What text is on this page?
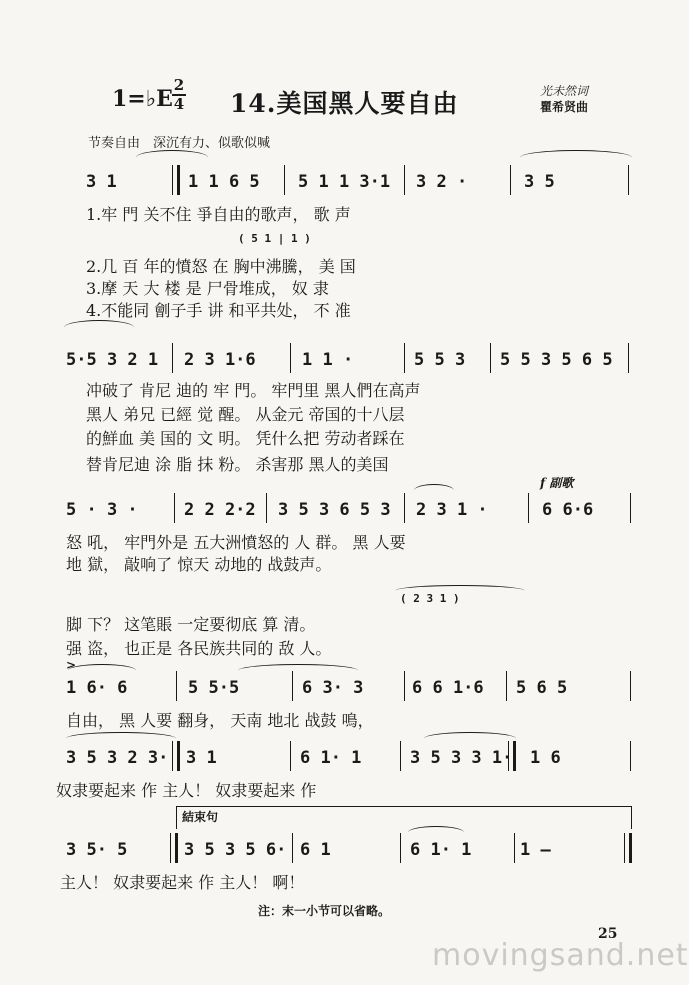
1=♭E
2
4 14.美国黑人要自由	光未然词
瞿希贤曲
节奏自由　深沉有力、似歌似喊
3 1	1 1 6 5 5 1 1 3·1 3 2 ·	3 5
1.牢 門 关不住 爭自由的歌声， 歌 声
( 5 1 | 1 )
2.几 百 年的憤怒 在 胸中沸騰， 美 国
3.摩 天 大 楼 是 尸骨堆成， 奴 隶
4.不能同 劊子手 讲 和平共处， 不 准
5·5 3 2 1 2 3 1·6	1 1 ·	5 5 3 5 5 3 5 6 5
冲破了 肯尼 迪的 牢 門。 牢門里 黑人們在高声
黑人 弟兄 已經 觉 醒。 从金元 帝国的十八层
的鮮血 美 国的 文 明。 凭什么把 劳动者踩在
替肯尼迪 涂 脂 抹 粉。 杀害那 黑人的美国
5 · 3 ·	2 2 2·2 3 5 3 6 5 3 2 3 1 ·
f 副歌
6 6·6
怒 吼， 牢門外是 五大洲憤怒的 人 群。 黑 人要
地 獄， 敲响了 惊天 动地的 战鼓声。
( 2 3 1 )
脚 下？ 这笔賬 一定要彻底 算 清。
强 盗， 也正是 各民族共同的 敌 人。
>
1 6· 6	5 5·5	6 3· 3	6 6 1·6 5 6 5
自由， 黑 人要 翻身， 天南 地北 战鼓 鳴，
3 5 3 2 3· 3 1	6 1· 1	3 5 3 3 1· 1 6
奴隶要起来 作 主人！ 奴隶要起来 作
結束句
3 5· 5	3 5 3 5 6· 6 1	6 1· 1	1 —
主人！ 奴隶要起来 作 主人！ 啊！
注：末一小节可以省略。
25
movingsand.net
